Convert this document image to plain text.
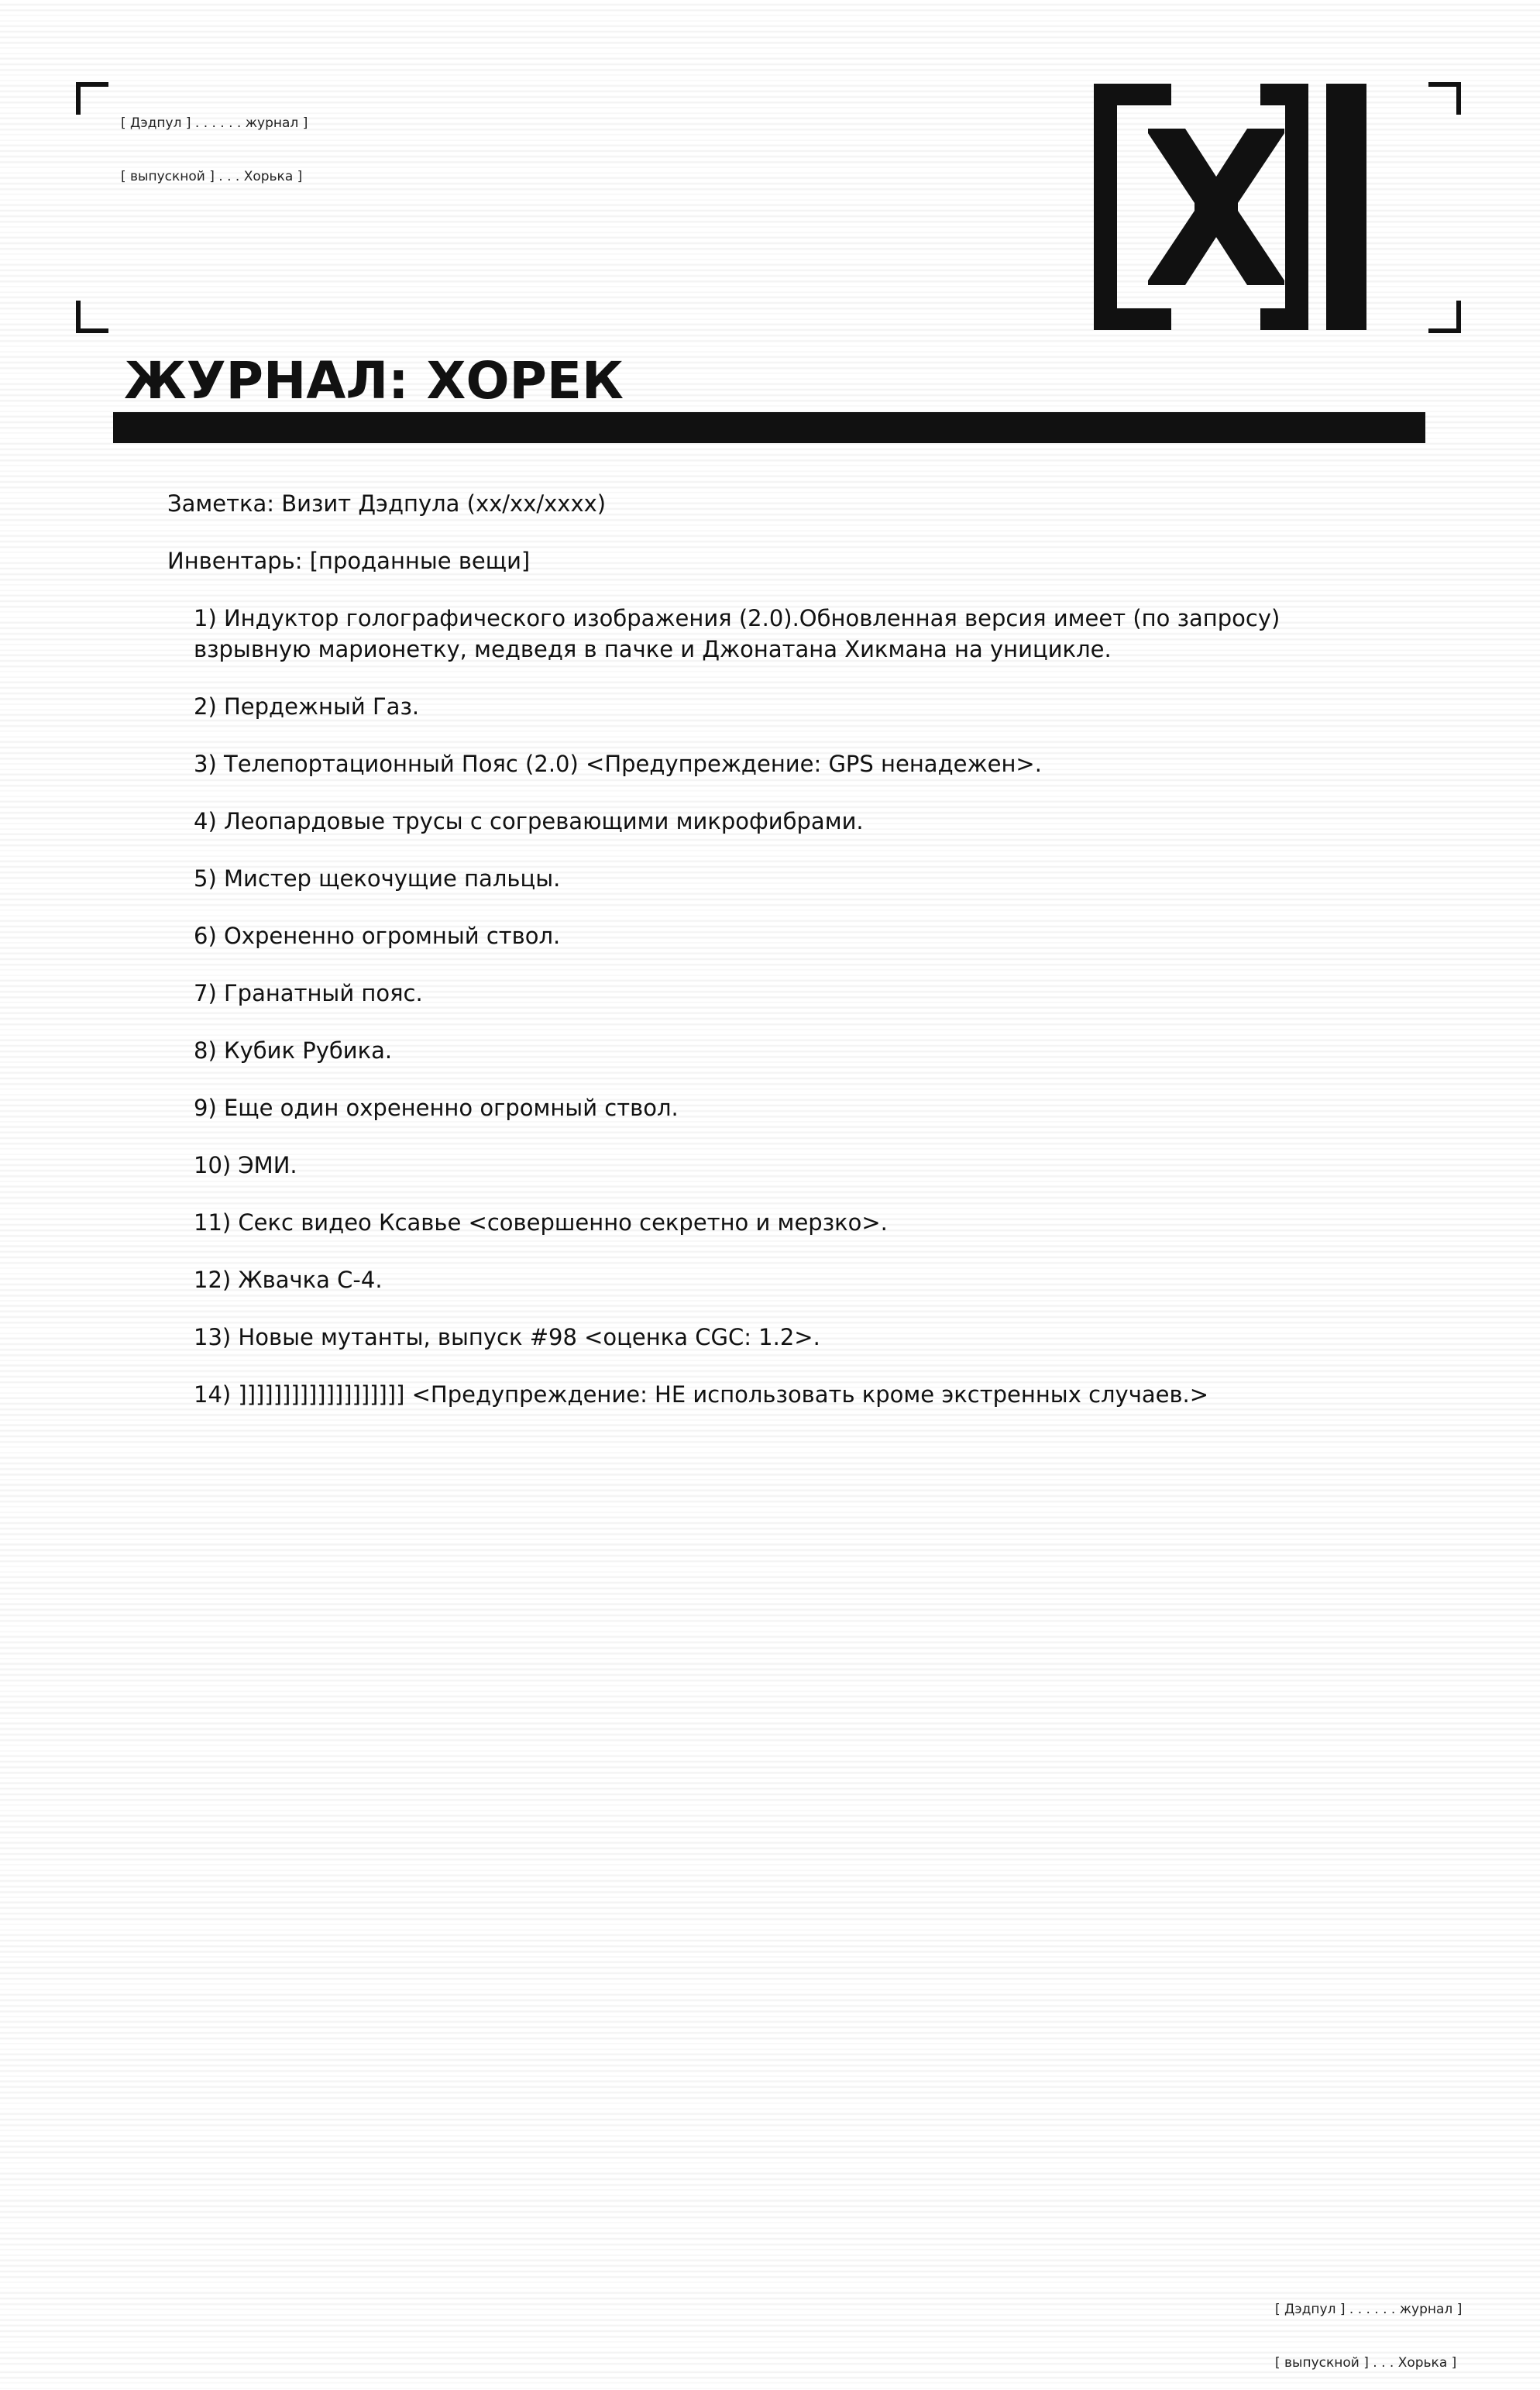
[ Дэдпул ] . . . . . . журнал ]

[ выпускной ] . . . Хорька ]

ЖУРНАЛ: ХОРЕК

Заметка: Визит Дэдпула (xx/xx/xxxx)

Инвентарь: [проданные вещи]

1) Индуктор голографического изображения (2.0).Обновленная версия имеет (по запросу) взрывную марионетку, медведя в пачке и Джонатана Хикмана на уницикле.
2) Пердежный Газ.
3) Телепортационный Пояс (2.0) <Предупреждение: GPS ненадежен>.
4) Леопардовые трусы с согревающими микрофибрами.
5) Мистер щекочущие пальцы.
6) Охрененно огромный ствол.
7) Гранатный пояс.
8) Кубик Рубика.
9) Еще один охрененно огромный ствол.
10) ЭМИ.
11) Секс видео Ксавье <совершенно секретно и мерзко>.
12) Жвачка С-4.
13) Новые мутанты, выпуск #98 <оценка CGC: 1.2>.
14) ]]]]]]]]]]]]]]]]]]] <Предупреждение: НЕ использовать кроме экстренных случаев.>

[ Дэдпул ] . . . . . . журнал ]

[ выпускной ] . . . Хорька ]
